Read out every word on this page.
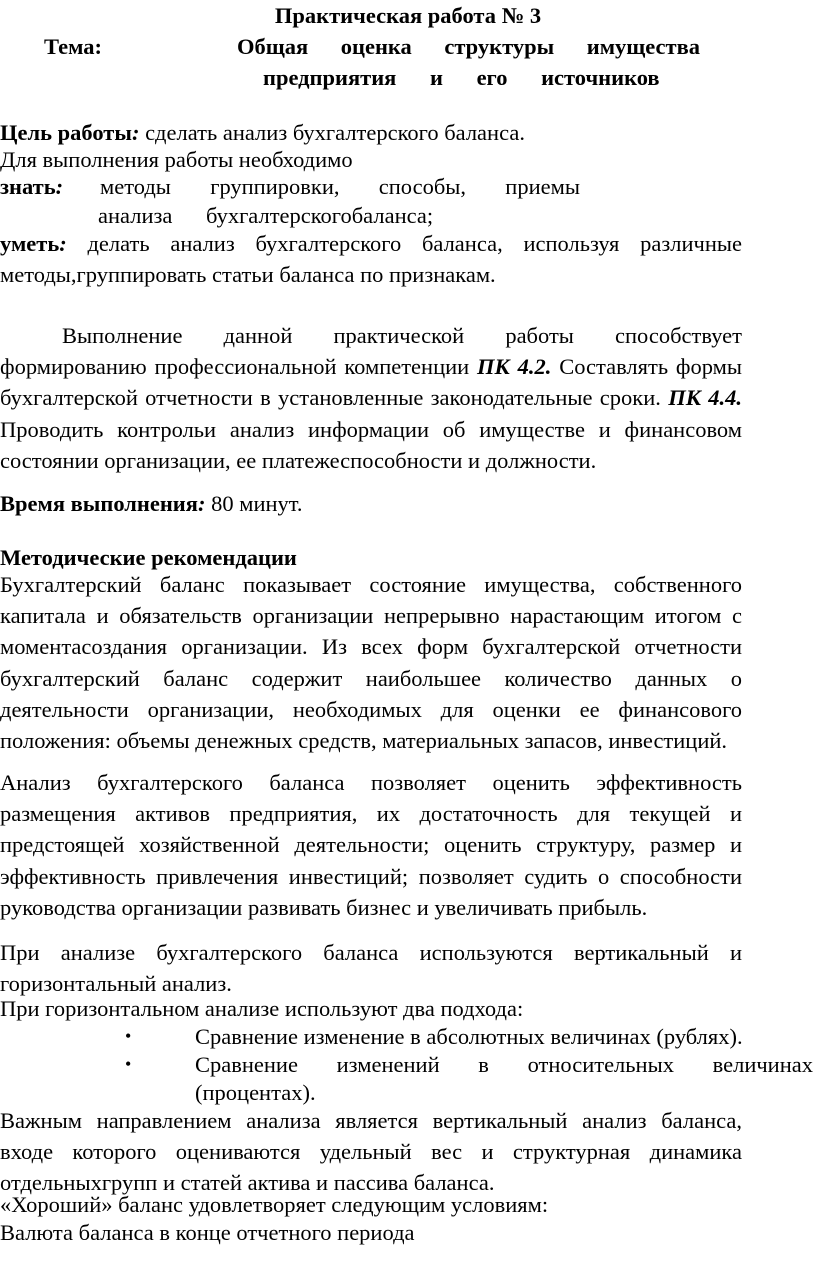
Практическая работа № 3
Тема:	Общая оценка структуры имущества
предприятия и его источников
Цель работы: сделать анализ бухгалтерского баланса.
Для выполнения работы необходимо
знать: методы группировки, способы, приемы
анализа бухгалтерскогобаланса;
уметь: делать анализ бухгалтерского баланса, используя различные методы,группировать статьи баланса по признакам.
Выполнение данной практической работы способствует формированию профессиональной компетенции ПК 4.2. Составлять формы бухгалтерской отчетности в установленные законодательные сроки. ПК 4.4. Проводить контрольи анализ информации об имуществе и финансовом состоянии организации, ее платежеспособности и должности.
Время выполнения: 80 минут.
Методические рекомендации
Бухгалтерский баланс показывает состояние имущества, собственного капитала и обязательств организации непрерывно нарастающим итогом с моментасоздания организации. Из всех форм бухгалтерской отчетности бухгалтерский баланс содержит наибольшее количество данных о деятельности организации, необходимых для оценки ее финансового положения: объемы денежных средств, материальных запасов, инвестиций.
Анализ бухгалтерского баланса позволяет оценить эффективность размещения активов предприятия, их достаточность для текущей и предстоящей хозяйственной деятельности; оценить структуру, размер и эффективность привлечения инвестиций; позволяет судить о способности руководства организации развивать бизнес и увеличивать прибыль.
При анализе бухгалтерского баланса используются вертикальный и горизонтальный анализ.
При горизонтальном анализе используют два подхода:
•	Сравнение изменение в абсолютных величинах (рублях).
•	Сравнение изменений в относительных величинах
(процентах).
Важным направлением анализа является вертикальный анализ баланса, входе которого оцениваются удельный вес и структурная динамика отдельныхгрупп и статей актива и пассива баланса.
«Хороший» баланс удовлетворяет следующим условиям:
Валюта баланса в конце отчетного периода
